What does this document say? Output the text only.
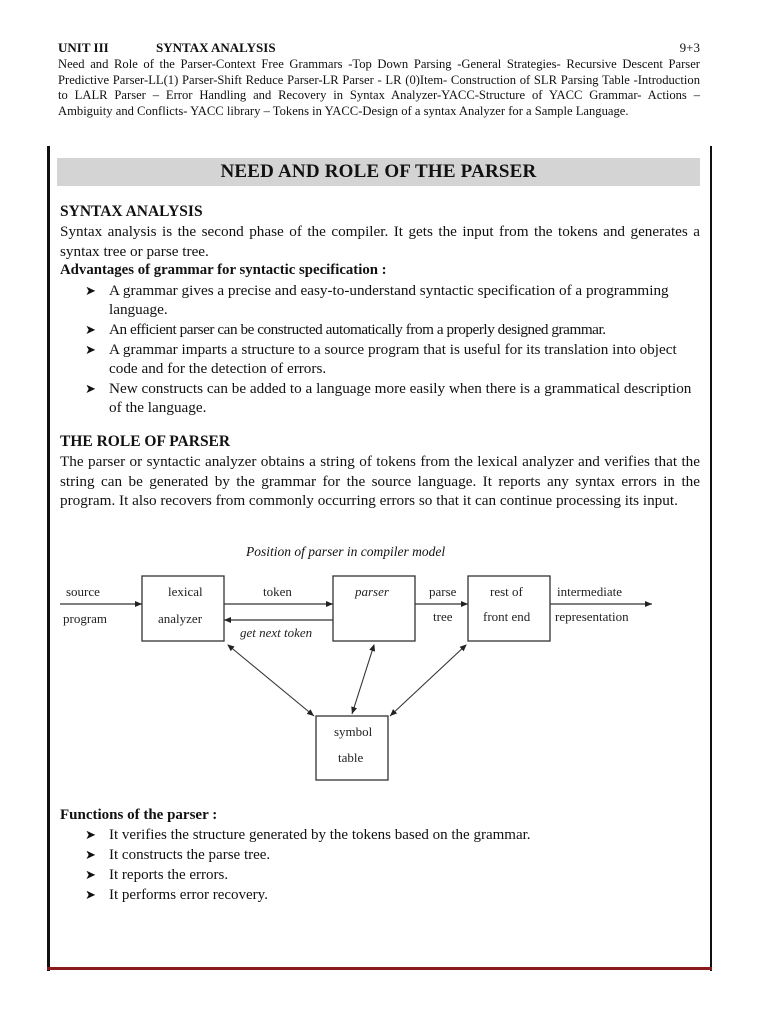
UNIT III	SYNTAX ANALYSIS	9+3
Need and Role of the Parser-Context Free Grammars -Top Down Parsing -General Strategies- Recursive Descent Parser Predictive Parser-LL(1) Parser-Shift Reduce Parser-LR Parser - LR (0)Item- Construction of SLR Parsing Table -Introduction to LALR Parser – Error Handling and Recovery in Syntax Analyzer-YACC-Structure of YACC Grammar- Actions – Ambiguity and Conflicts- YACC library – Tokens in YACC-Design of a syntax Analyzer for a Sample Language.
NEED AND ROLE OF THE PARSER
SYNTAX ANALYSIS

Syntax analysis is the second phase of the compiler. It gets the input from the tokens and generates a syntax tree or parse tree.

Advantages of grammar for syntactic specification :

➤ A grammar gives a precise and easy-to-understand syntactic specification of a programming language.
➤ An efficient parser can be constructed automatically from a properly designed grammar.
➤ A grammar imparts a structure to a source program that is useful for its translation into object code and for the detection of errors.
➤ New constructs can be added to a language more easily when there is a grammatical description of the language.
THE ROLE OF PARSER

The parser or syntactic analyzer obtains a string of tokens from the lexical analyzer and verifies that the string can be generated by the grammar for the source language. It reports any syntax errors in the program. It also recovers from commonly occurring errors so that it can continue processing its input.

Position of parser in compiler model
source
program
lexical
analyzer
token
get next token
parser	parse
tree
rest of
front end
intermediate
representation
symbol
table

Functions of the parser :

➤ It verifies the structure generated by the tokens based on the grammar.
➤ It constructs the parse tree.
➤ It reports the errors.
➤ It performs error recovery.
